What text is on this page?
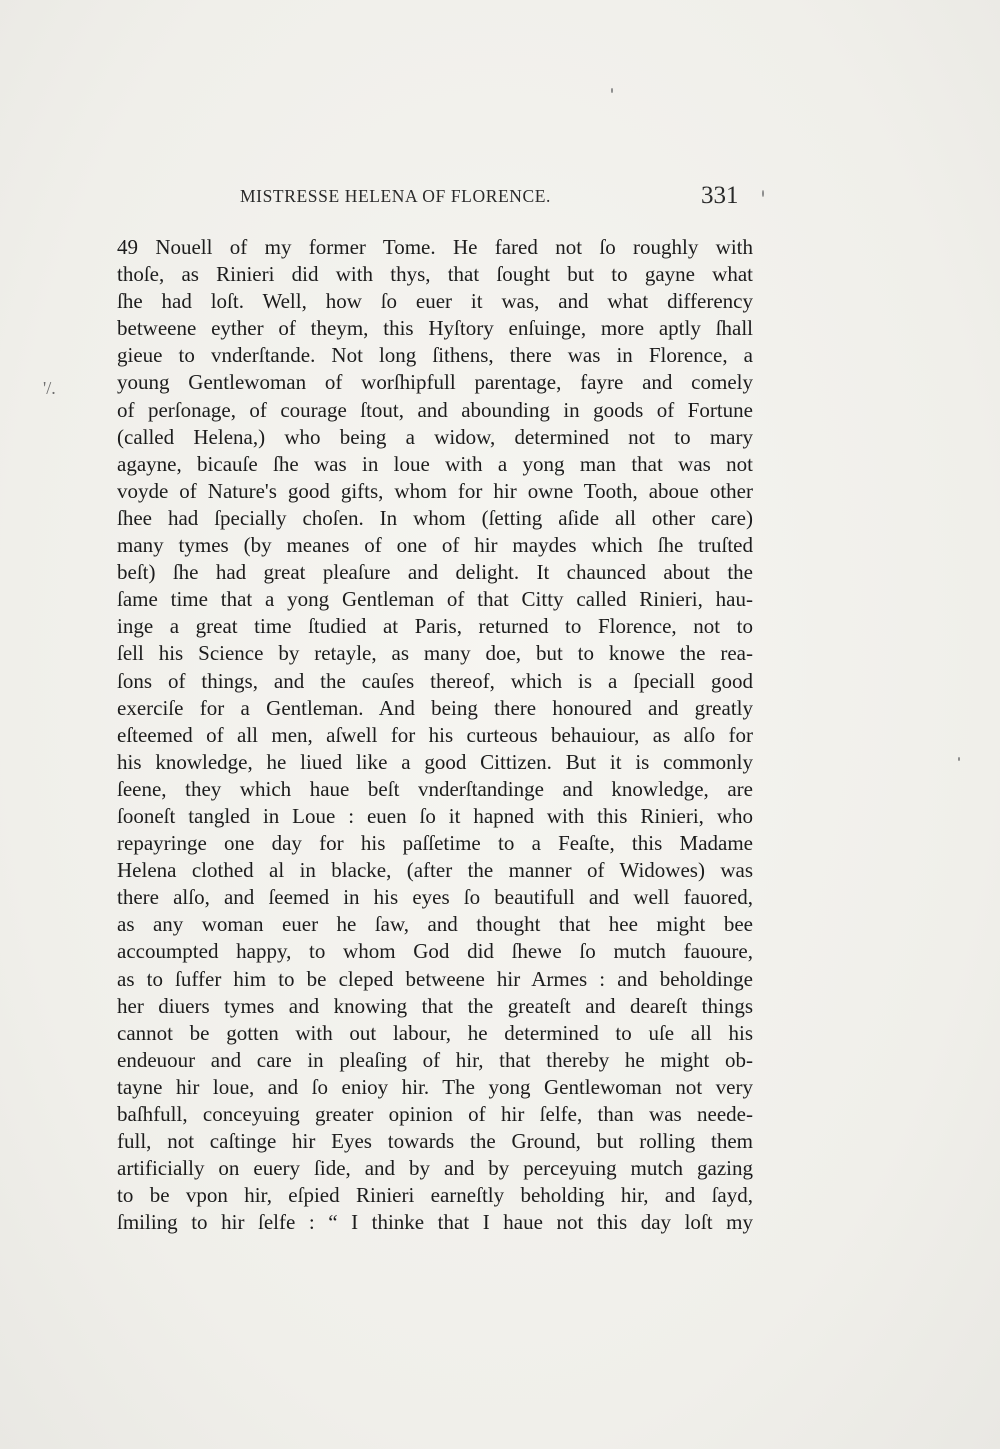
MISTRESSE HELENA OF FLORENCE.	331
'/.
49 Nouell of my former Tome. He fared not ſo roughly with
thoſe, as Rinieri did with thys, that ſought but to gayne what
ſhe had loſt. Well, how ſo euer it was, and what differency
betweene eyther of theym, this Hyſtory enſuinge, more aptly ſhall
gieue to vnderſtande. Not long ſithens, there was in Florence, a
young Gentlewoman of worſhipfull parentage, fayre and comely
of perſonage, of courage ſtout, and abounding in goods of Fortune
(called Helena,) who being a widow, determined not to mary
agayne, bicauſe ſhe was in loue with a yong man that was not
voyde of Nature's good gifts, whom for hir owne Tooth, aboue other
ſhee had ſpecially choſen. In whom (ſetting aſide all other care)
many tymes (by meanes of one of hir maydes which ſhe truſted
beſt) ſhe had great pleaſure and delight. It chaunced about the
ſame time that a yong Gentleman of that Citty called Rinieri, hau-
inge a great time ſtudied at Paris, returned to Florence, not to
ſell his Science by retayle, as many doe, but to knowe the rea-
ſons of things, and the cauſes thereof, which is a ſpeciall good
exerciſe for a Gentleman. And being there honoured and greatly
eſteemed of all men, aſwell for his curteous behauiour, as alſo for
his knowledge, he liued like a good Cittizen. But it is commonly
ſeene, they which haue beſt vnderſtandinge and knowledge, are
ſooneſt tangled in Loue : euen ſo it hapned with this Rinieri, who
repayringe one day for his paſſetime to a Feaſte, this Madame
Helena clothed al in blacke, (after the manner of Widowes) was
there alſo, and ſeemed in his eyes ſo beautifull and well fauored,
as any woman euer he ſaw, and thought that hee might bee
accoumpted happy, to whom God did ſhewe ſo mutch fauoure,
as to ſuffer him to be cleped betweene hir Armes : and beholdinge
her diuers tymes and knowing that the greateſt and deareſt things
cannot be gotten with out labour, he determined to uſe all his
endeuour and care in pleaſing of hir, that thereby he might ob-
tayne hir loue, and ſo enioy hir. The yong Gentlewoman not very
baſhfull, conceyuing greater opinion of hir ſelfe, than was neede-
full, not caſtinge hir Eyes towards the Ground, but rolling them
artificially on euery ſide, and by and by perceyuing mutch gazing
to be vpon hir, eſpied Rinieri earneſtly beholding hir, and ſayd,
ſmiling to hir ſelfe : “ I thinke that I haue not this day loſt my
